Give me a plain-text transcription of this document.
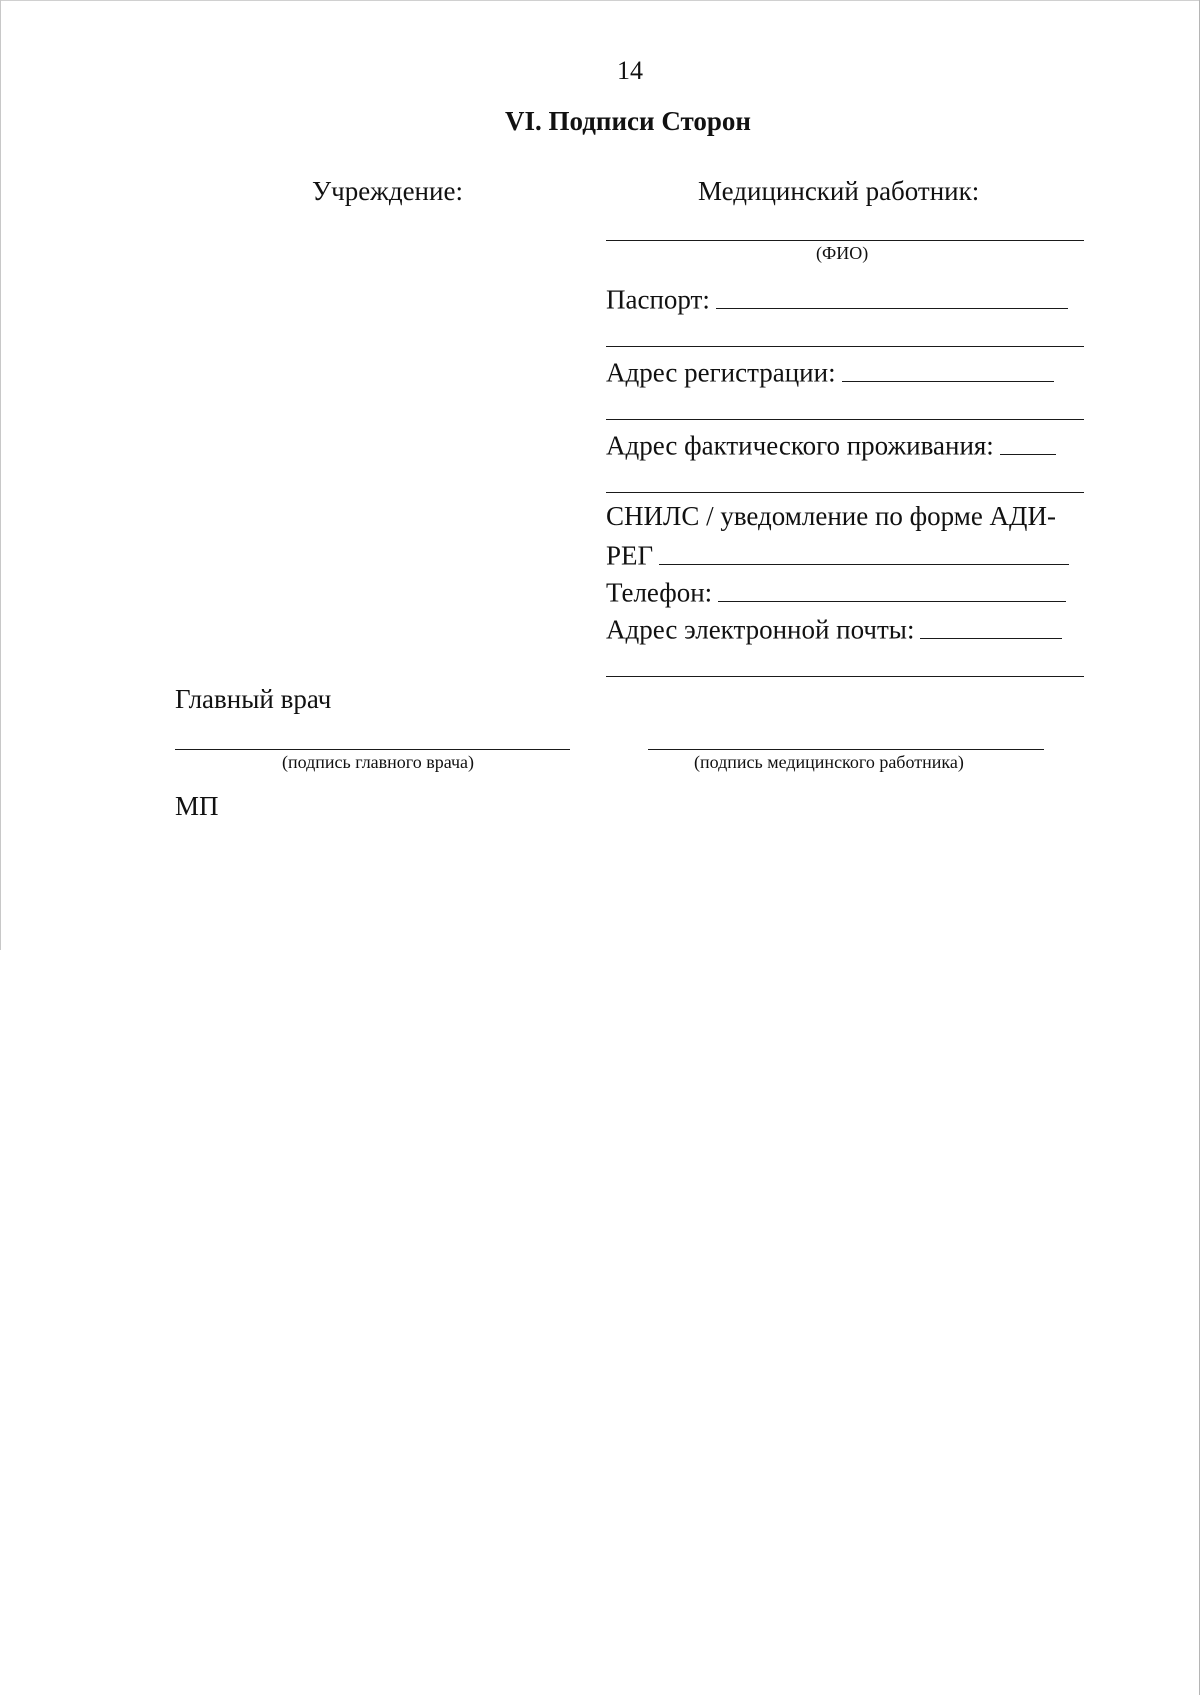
14
VI. Подписи Сторон
Учреждение:	Медицинский работник:
(ФИО)
Паспорт:
Адрес регистрации:
Адрес фактического проживания:
СНИЛС / уведомление по форме АДИ-
РЕГ
Телефон:
Адрес электронной почты:
Главный врач
(подпись главного врача)	(подпись медицинского работника)
МП
